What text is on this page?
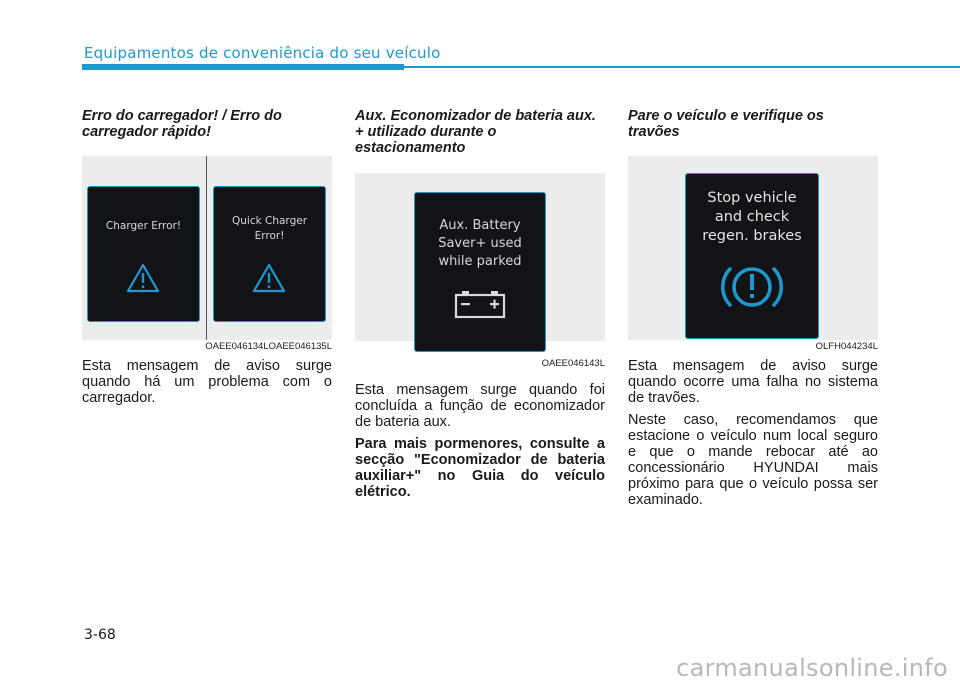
Equipamentos de conveniência do seu veículo

Erro do carregador! / Erro do carregador rápido!

Charger Error!	Quick Charger
Error!
OAEE046134LOAEE046135L

Esta mensagem de aviso surge quando há um problema com o carregador.

Aux. Economizador de bateria aux. + utilizado durante o estacionamento

Aux. Battery
Saver+ used
while parked
OAEE046143L

Esta mensagem surge quando foi concluída a função de economizador de bateria aux.

Para mais pormenores, consulte a secção "Economizador de bateria auxiliar+" no Guia do veículo elétrico.

Pare o veículo e verifique os travões

Stop vehicle
and check
regen. brakes
OLFH044234L

Esta mensagem de aviso surge quando ocorre uma falha no sistema de travões.

Neste caso, recomendamos que estacione o veículo num local seguro e que o mande rebocar até ao concessionário HYUNDAI mais próximo para que o veículo possa ser examinado.

3-68
carmanualsonline.info
